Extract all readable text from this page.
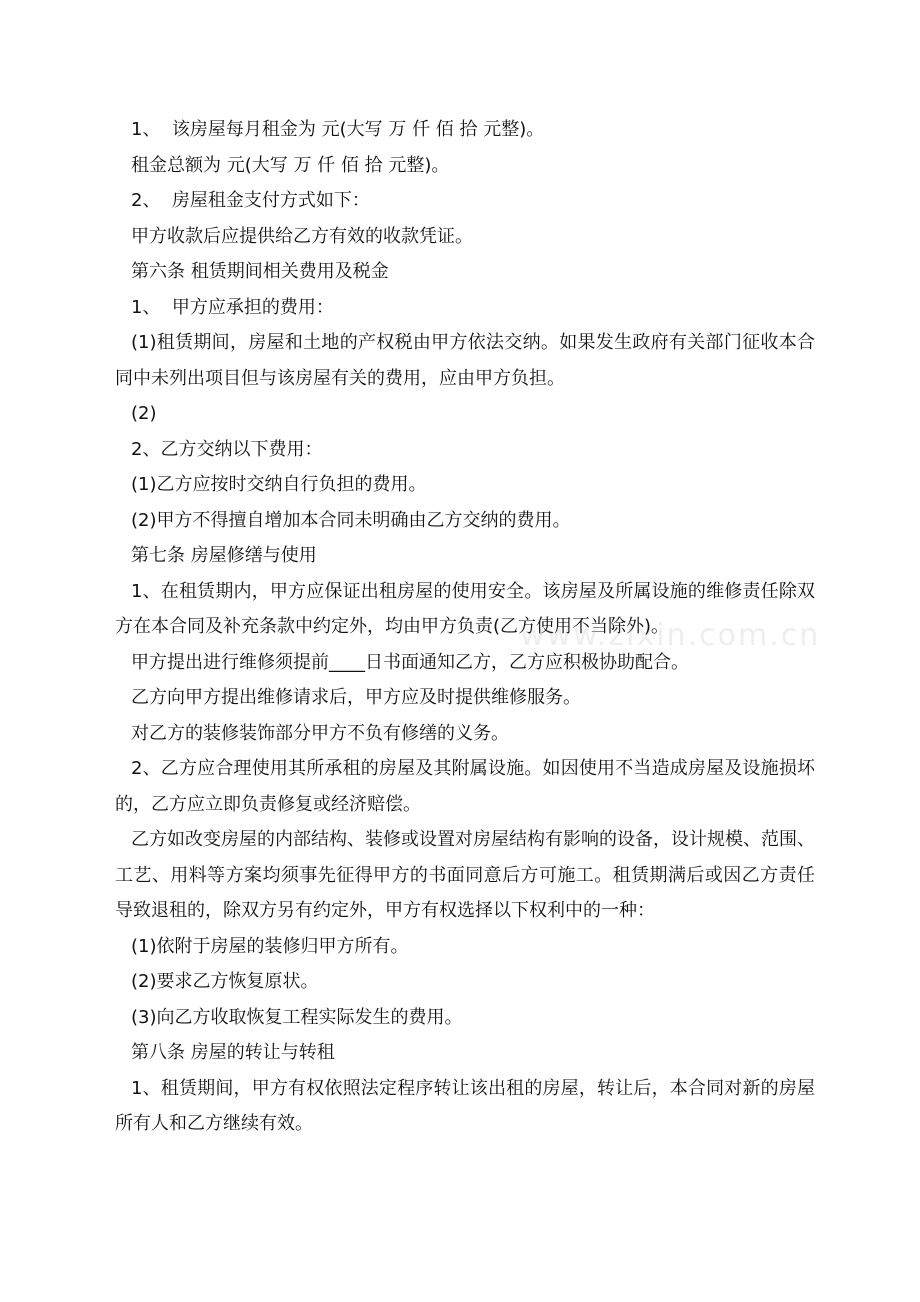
1、  该房屋每月租金为 元(大写 万 仟 佰 拾 元整)。

租金总额为 元(大写 万 仟 佰 拾 元整)。

2、  房屋租金支付方式如下：

甲方收款后应提供给乙方有效的收款凭证。

第六条 租赁期间相关费用及税金

1、  甲方应承担的费用：

(1)租赁期间，房屋和土地的产权税由甲方依法交纳。如果发生政府有关部门征收本合同中未列出项目但与该房屋有关的费用，应由甲方负担。

(2)

2、乙方交纳以下费用：

(1)乙方应按时交纳自行负担的费用。

(2)甲方不得擅自增加本合同未明确由乙方交纳的费用。

第七条 房屋修缮与使用

1、在租赁期内，甲方应保证出租房屋的使用安全。该房屋及所属设施的维修责任除双方在本合同及补充条款中约定外，均由甲方负责(乙方使用不当除外)。

甲方提出进行维修须提前____日书面通知乙方，乙方应积极协助配合。

乙方向甲方提出维修请求后，甲方应及时提供维修服务。

对乙方的装修装饰部分甲方不负有修缮的义务。

2、乙方应合理使用其所承租的房屋及其附属设施。如因使用不当造成房屋及设施损坏的，乙方应立即负责修复或经济赔偿。

乙方如改变房屋的内部结构、装修或设置对房屋结构有影响的设备，设计规模、范围、工艺、用料等方案均须事先征得甲方的书面同意后方可施工。租赁期满后或因乙方责任导致退租的，除双方另有约定外，甲方有权选择以下权利中的一种：

(1)依附于房屋的装修归甲方所有。

(2)要求乙方恢复原状。

(3)向乙方收取恢复工程实际发生的费用。

第八条 房屋的转让与转租

1、租赁期间，甲方有权依照法定程序转让该出租的房屋，转让后，本合同对新的房屋所有人和乙方继续有效。

www.zixin.com.cn
